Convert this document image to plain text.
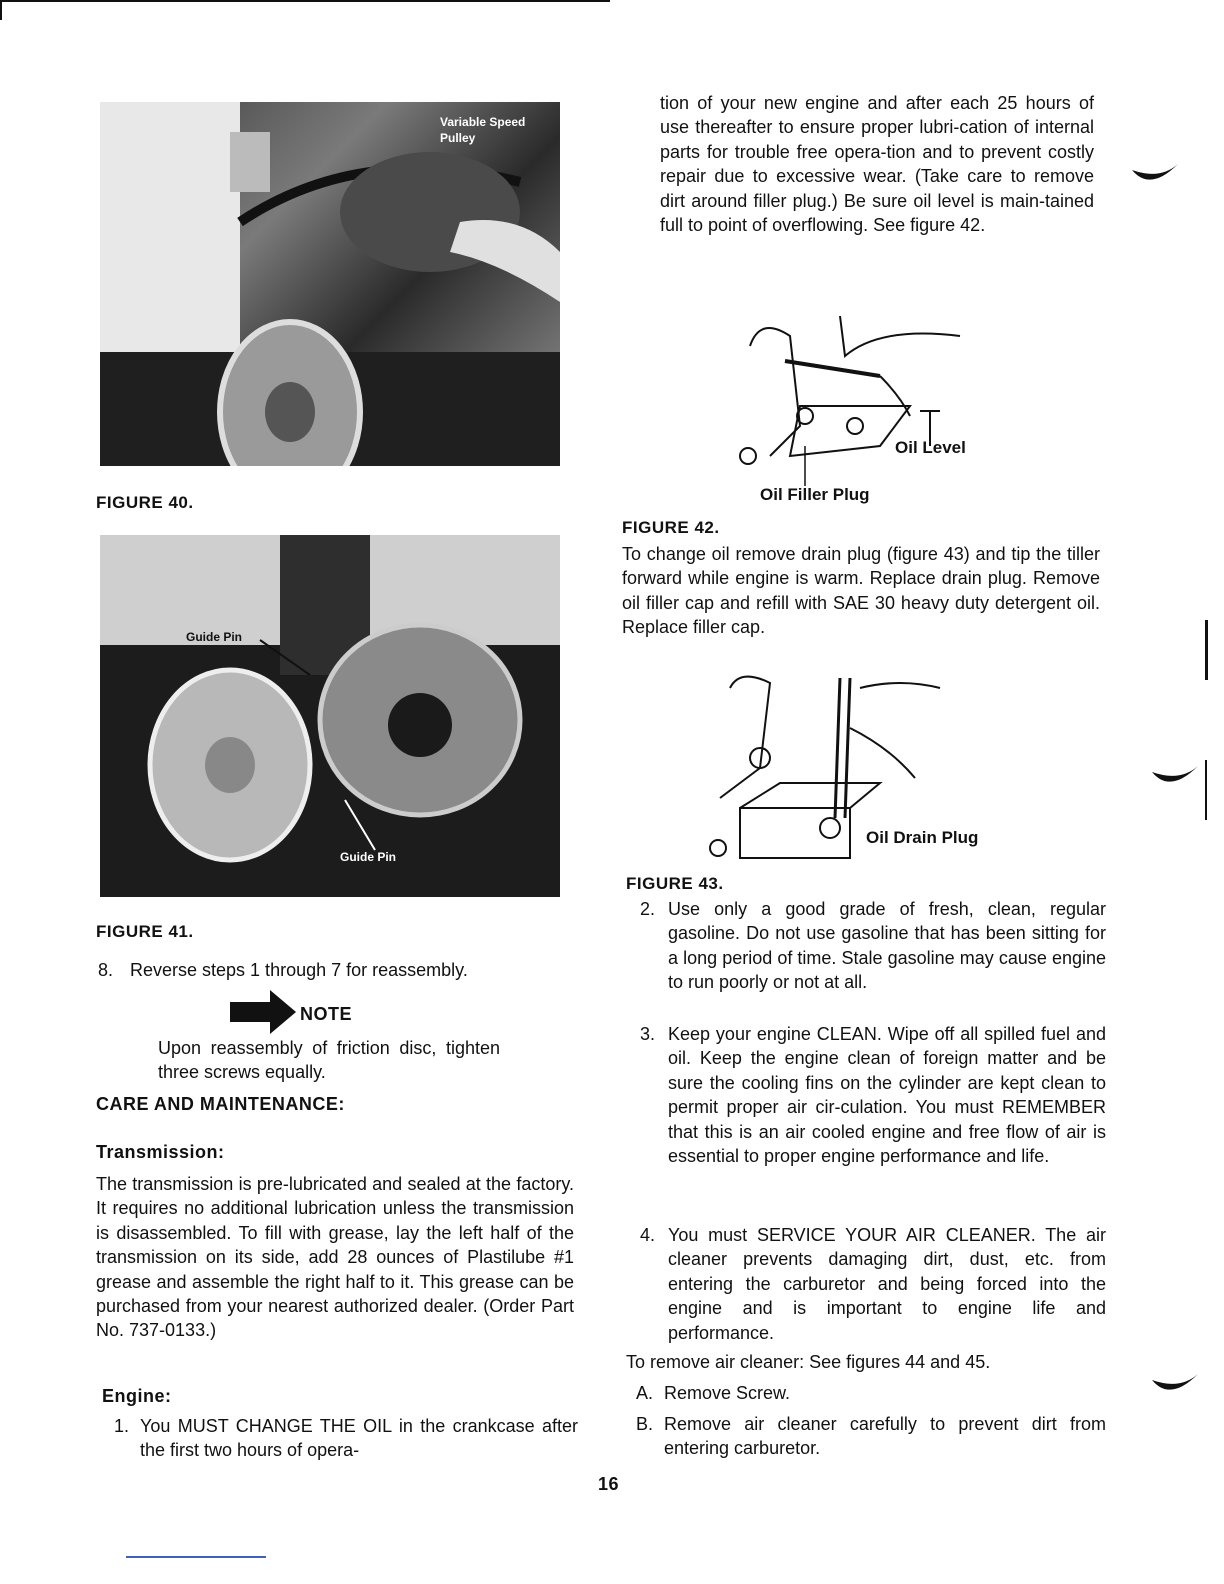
Variable Speed Pulley
FIGURE 40.
Guide Pin
Guide Pin
FIGURE 41.
8. Reverse steps 1 through 7 for reassembly.
NOTE
Upon reassembly of friction disc, tighten three screws equally.
CARE AND MAINTENANCE:
Transmission:
The transmission is pre-lubricated and sealed at the factory. It requires no additional lubrication unless the transmission is disassembled. To fill with grease, lay the left half of the transmission on its side, add 28 ounces of Plastilube #1 grease and assemble the right half to it. This grease can be purchased from your nearest authorized dealer. (Order Part No. 737-0133.)
Engine:
1. You MUST CHANGE THE OIL in the crankcase after the first two hours of opera-
tion of your new engine and after each 25 hours of use thereafter to ensure proper lubri-cation of internal parts for trouble free opera-tion and to prevent costly repair due to excessive wear. (Take care to remove dirt around filler plug.) Be sure oil level is main-tained full to point of overflowing. See figure 42.
Oil Level
Oil Filler Plug
FIGURE 42.
To change oil remove drain plug (figure 43) and tip the tiller forward while engine is warm. Replace drain plug. Remove oil filler cap and refill with SAE 30 heavy duty detergent oil. Replace filler cap.
Oil Drain Plug
FIGURE 43.
2. Use only a good grade of fresh, clean, regular gasoline. Do not use gasoline that has been sitting for a long period of time. Stale gasoline may cause engine to run poorly or not at all.
3. Keep your engine CLEAN. Wipe off all spilled fuel and oil. Keep the engine clean of foreign matter and be sure the cooling fins on the cylinder are kept clean to permit proper air cir-culation. You must REMEMBER that this is an air cooled engine and free flow of air is essential to proper engine performance and life.
4. You must SERVICE YOUR AIR CLEANER. The air cleaner prevents damaging dirt, dust, etc. from entering the carburetor and being forced into the engine and is important to engine life and performance.
To remove air cleaner: See figures 44 and 45.
A. Remove Screw.
B. Remove air cleaner carefully to prevent dirt from entering carburetor.
16
